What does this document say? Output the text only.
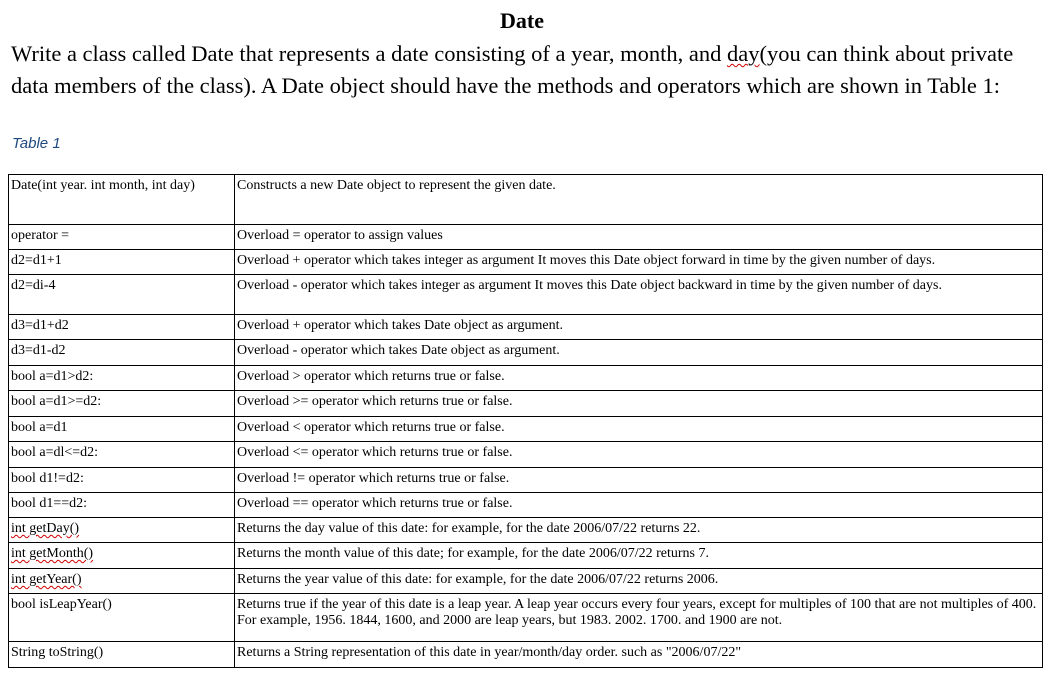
Date

Write a class called Date that represents a date consisting of a year, month, and day(you can think about private data members of the class). A Date object should have the methods and operators which are shown in Table 1:

Table 1
Date(int year. int month, int day)	Constructs a new Date object to represent the given date.
operator =	Overload = operator to assign values
d2=d1+1	Overload + operator which takes integer as argument It moves this Date object forward in time by the given number of days.
d2=di-4	Overload - operator which takes integer as argument It moves this Date object backward in time by the given number of days.
d3=d1+d2	Overload + operator which takes Date object as argument.
d3=d1-d2	Overload - operator which takes Date object as argument.
bool a=d1>d2:	Overload > operator which returns true or false.
bool a=d1>=d2:	Overload >= operator which returns true or false.
bool a=d1	Overload < operator which returns true or false.
bool a=dl<=d2:	Overload <= operator which returns true or false.
bool d1!=d2:	Overload != operator which returns true or false.
bool d1==d2:	Overload == operator which returns true or false.
int getDay()	Returns the day value of this date: for example, for the date 2006/07/22 returns 22.
int getMonth()	Returns the month value of this date; for example, for the date 2006/07/22 returns 7.
int getYear()	Returns the year value of this date: for example, for the date 2006/07/22 returns 2006.
bool isLeapYear()	Returns true if the year of this date is a leap year. A leap year occurs every four years, except for multiples of 100 that are not multiples of 400. For example, 1956. 1844, 1600, and 2000 are leap years, but 1983. 2002. 1700. and 1900 are not.
String toString()	Returns a String representation of this date in year/month/day order. such as "2006/07/22"
